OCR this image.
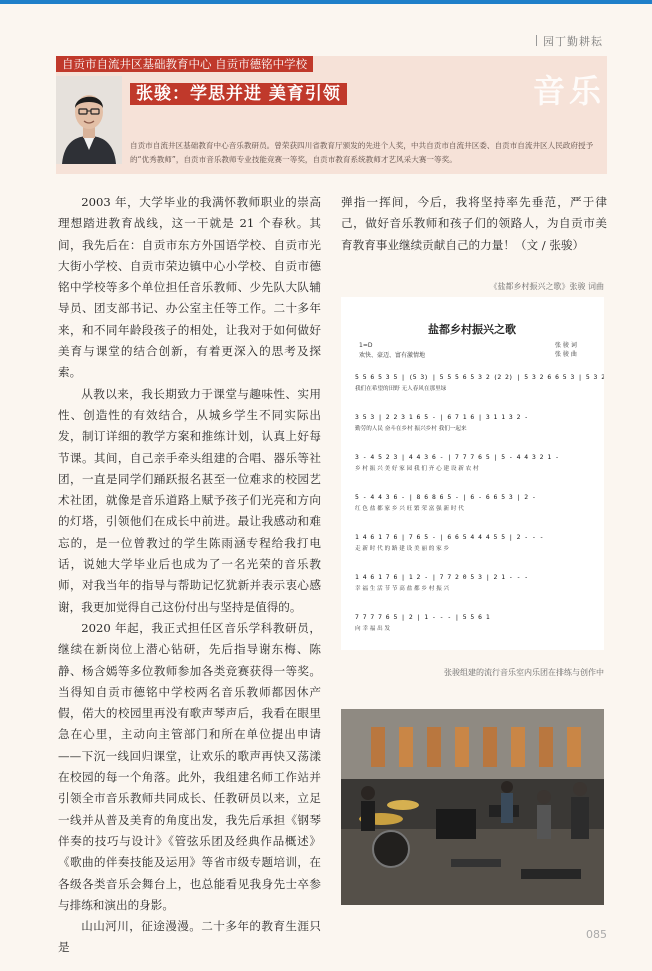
园丁勤耕耘
音乐
自贡市自流井区基础教育中心 自贡市德铭中学校
张骏：学思并进 美育引领
自贡市自流井区基础教育中心音乐教研员。曾荣获四川省教育厅颁发的先进个人奖，中共自贡市自流井区委、自贡市自流井区人民政府授予的“优秀教师”，自贡市音乐教师专业技能竞赛一等奖，自贡市教育系统教师才艺风采大赛一等奖。

2003 年，大学毕业的我满怀教师职业的崇高理想踏进教育战线，这一干就是 21 个春秋。其间，我先后在：自贡市东方外国语学校、自贡市光大街小学校、自贡市荣边镇中心小学校、自贡市德铭中学校等多个单位担任音乐教师、少先队大队辅导员、团支部书记、办公室主任等工作。二十多年来，和不同年龄段孩子的相处，让我对于如何做好美育与课堂的结合创新，有着更深入的思考及探索。

从教以来，我长期致力于课堂与趣味性、实用性、创造性的有效结合，从城乡学生不同实际出发，制订详细的教学方案和推练计划，认真上好每节课。其间，自己亲手牵头组建的合唱、器乐等社团，一直是同学们踊跃报名甚至一位难求的校园艺术社团，就像是音乐道路上赋予孩子们光亮和方向的灯塔，引领他们在成长中前进。最让我感动和难忘的，是一位曾教过的学生陈雨涵专程给我打电话，说她大学毕业后也成为了一名光荣的音乐教师，对我当年的指导与帮助记忆犹新并表示衷心感谢，我更加觉得自己这份付出与坚持是值得的。

2020 年起，我正式担任区音乐学科教研员，继续在新岗位上潜心钻研，先后指导谢东梅、陈静、杨含嫣等多位教师参加各类竞赛获得一等奖。当得知自贡市德铭中学校两名音乐教师都因休产假，偌大的校园里再没有歌声琴声后，我看在眼里急在心里，主动向主管部门和所在单位提出申请——下沉一线回归课堂，让欢乐的歌声再快又荡漾在校园的每一个角落。此外，我组建名师工作站并引领全市音乐教师共同成长、任教研员以来，立足一线并从普及美育的角度出发，我先后承担《钢琴伴奏的技巧与设计》《管弦乐团及经典作品概述》《歌曲的伴奏技能及运用》等省市级专题培训，在各级各类音乐会舞台上，也总能看见我身先士卒参与排练和演出的身影。

山山河川，征途漫漫。二十多年的教育生涯只是

弹指一挥间，今后，我将坚持率先垂范，严于律己，做好音乐教师和孩子们的领路人，为自贡市美育教育事业继续贡献自己的力量！（文 / 张骏）

《盐都乡村振兴之歌》张骏 词曲
盐都乡村振兴之歌
1=D
欢快、豪迈、富有激情地
张 骏 词
张 骏 曲
5 5 6 5 3 5 | (5 3) | 5 5 5 6 5 3 2 (2 2) | 5 3 2 6 6 5 3 | 5 3 2 2 1 -
我们在希望的田野 无人春风在那里绿
3 5 3 | 2 2 3 1 6 5 - | 6 7 1 6 | 3 1 1 3 2 -
勤劳的人民 奋斗在乡村 振兴乡村 我们一起来
3 - 4 5 2 3 | 4 4 3 6 - | 7 7 7 6 5 | 5 - 4 4 3 2 1 -
乡 村 振 兴 美 好 家 园 我 们 齐 心 建 设 新 农 村
5 - 4 4 3 6 - | 8 6 8 6 5 - | 6 - 6 6 5 3 | 2 -
红 色 盐 都 家 乡 兴 旺 繁 荣 富 强 新 时 代
1 4 6 1 7 6 | 7 6 5 - | 6 6 5 4 4 4 5 5 | 2 - - -
走 新 时 代 的 路 建 设 美 丽 的 家 乡
1 4 6 1 7 6 | 1 2 - | 7 7 2 0 5 3 | 2 1 - - -
幸 福 生 活 节 节 高 盐 都 乡 村 振 兴
7 7 7 7 6 5 | 2 | 1 - - - | 5 5 6 1
向 幸 福 出 发
张骏组建的流行音乐室内乐团在排练与创作中
085
